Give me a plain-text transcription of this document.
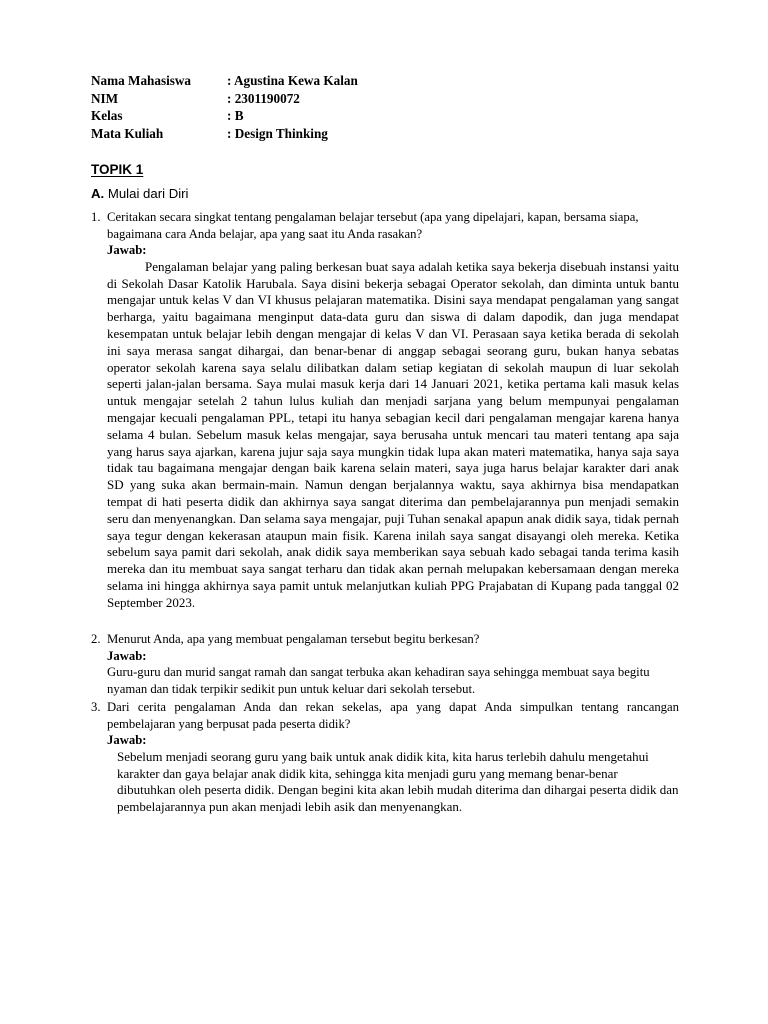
Nama Mahasiswa	: Agustina Kewa Kalan
NIM	: 2301190072
Kelas	: B
Mata Kuliah	: Design Thinking
TOPIK 1
A. Mulai dari Diri
1. Ceritakan secara singkat tentang pengalaman belajar tersebut (apa yang dipelajari, kapan, bersama siapa, bagaimana cara Anda belajar, apa yang saat itu Anda rasakan?
Jawab:
Pengalaman belajar yang paling berkesan buat saya adalah ketika saya bekerja disebuah instansi yaitu di Sekolah Dasar Katolik Harubala. Saya disini bekerja sebagai Operator sekolah, dan diminta untuk bantu mengajar untuk kelas V dan VI khusus pelajaran matematika. Disini saya mendapat pengalaman yang sangat berharga, yaitu bagaimana menginput data-data guru dan siswa di dalam dapodik, dan juga mendapat kesempatan untuk belajar lebih dengan mengajar di kelas V dan VI. Perasaan saya ketika berada di sekolah ini saya merasa sangat dihargai, dan benar-benar di anggap sebagai seorang guru, bukan hanya sebatas operator sekolah karena saya selalu dilibatkan dalam setiap kegiatan di sekolah maupun di luar sekolah seperti jalan-jalan bersama. Saya mulai masuk kerja dari 14 Januari 2021, ketika pertama kali masuk kelas untuk mengajar setelah 2 tahun lulus kuliah dan menjadi sarjana yang belum mempunyai pengalaman mengajar kecuali pengalaman PPL, tetapi itu hanya sebagian kecil dari pengalaman mengajar karena hanya selama 4 bulan. Sebelum masuk kelas mengajar, saya berusaha untuk mencari tau materi tentang apa saja yang harus saya ajarkan, karena jujur saja saya mungkin tidak lupa akan materi matematika, hanya saja saya tidak tau bagaimana mengajar dengan baik karena selain materi, saya juga harus belajar karakter dari anak SD yang suka akan bermain-main. Namun dengan berjalannya waktu, saya akhirnya bisa mendapatkan tempat di hati peserta didik dan akhirnya saya sangat diterima dan pembelajarannya pun menjadi semakin seru dan menyenangkan. Dan selama saya mengajar, puji Tuhan senakal apapun anak didik saya, tidak pernah saya tegur dengan kekerasan ataupun main fisik. Karena inilah saya sangat disayangi oleh mereka. Ketika sebelum saya pamit dari sekolah, anak didik saya memberikan saya sebuah kado sebagai tanda terima kasih mereka dan itu membuat saya sangat terharu dan tidak akan pernah melupakan kebersamaan dengan mereka selama ini hingga akhirnya saya pamit untuk melanjutkan kuliah PPG Prajabatan di Kupang pada tanggal 02 September 2023.
2. Menurut Anda, apa yang membuat pengalaman tersebut begitu berkesan?
Jawab:
Guru-guru dan murid sangat ramah dan sangat terbuka akan kehadiran saya sehingga membuat saya begitu nyaman dan tidak terpikir sedikit pun untuk keluar dari sekolah tersebut.
3. Dari cerita pengalaman Anda dan rekan sekelas, apa yang dapat Anda simpulkan tentang rancangan pembelajaran yang berpusat pada peserta didik?
Jawab:
Sebelum menjadi seorang guru yang baik untuk anak didik kita, kita harus terlebih dahulu mengetahui karakter dan gaya belajar anak didik kita, sehingga kita menjadi guru yang memang benar-benar dibutuhkan oleh peserta didik. Dengan begini kita akan lebih mudah diterima dan dihargai peserta didik dan pembelajarannya pun akan menjadi lebih asik dan menyenangkan.
